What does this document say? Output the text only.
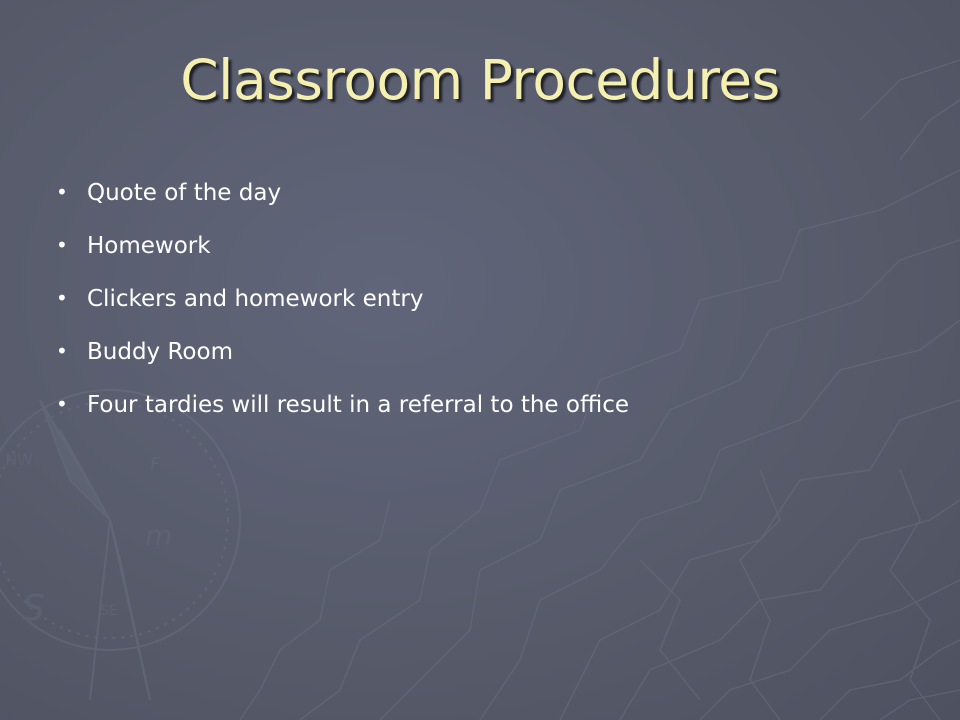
S
m
F
NW
SE
Classroom Procedures
• Quote of the day
• Homework
• Clickers and homework entry
• Buddy Room
• Four tardies will result in a referral to the office
